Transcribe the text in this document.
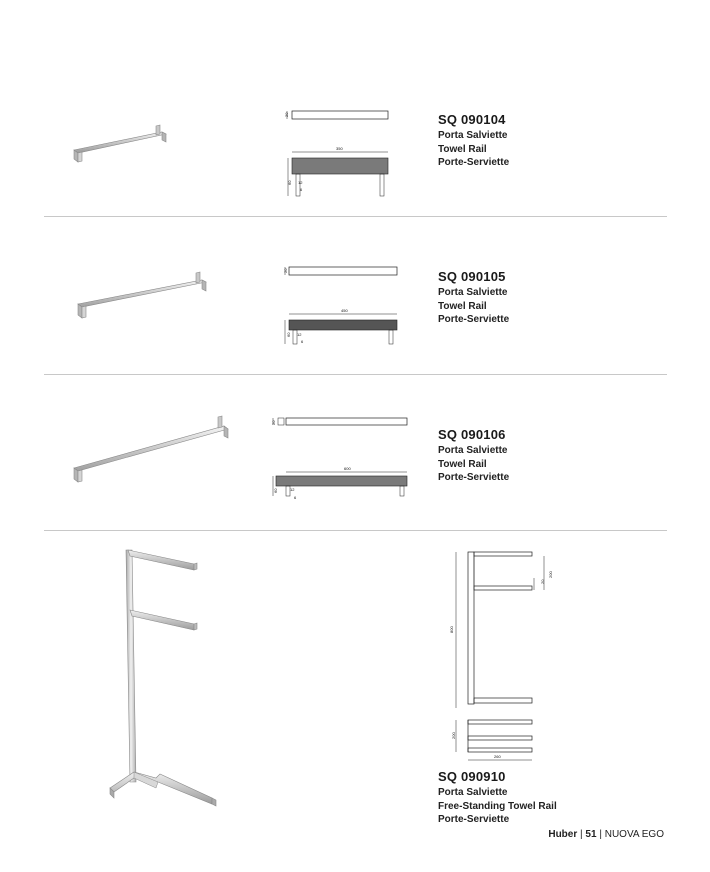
20
350
60 12
6
SQ 090104
Porta Salviette
Towel Rail
Porte-Serviette
20
450
60 12
6
SQ 090105
Porta Salviette
Towel Rail
Porte-Serviette
20
600
60	12
6
SQ 090106
Porta Salviette
Towel Rail
Porte-Serviette
800
20
200
200
260
SQ 090910
Porta Salviette
Free-Standing Towel Rail
Porte-Serviette
Huber | 51 | NUOVA EGO
